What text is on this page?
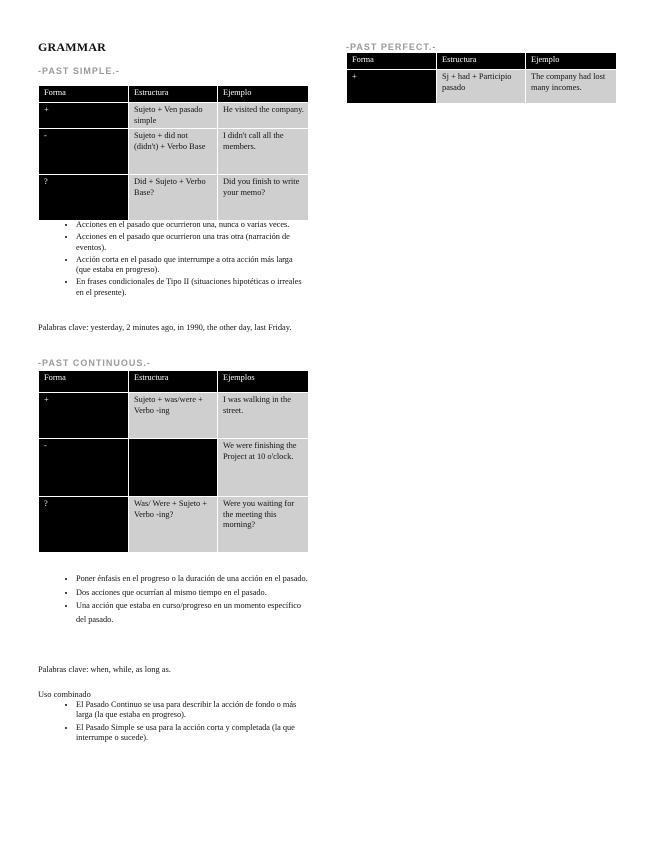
GRAMMAR
-PAST SIMPLE.-
Forma	Estructura	Ejemplo
+	Sujeto + Ven pasado simple	He visited the company.
-	Sujeto + did not (didn't) + Verbo Base	I didn't call all the members.
?	Did + Sujeto + Verbo Base?	Did you finish to write your memo?
• Acciones en el pasado que ocurrieron una, nunca o varias veces.
• Acciones en el pasado que ocurrieron una tras otra (narración de eventos).
• Acción corta en el pasado que interrumpe a otra acción más larga (que estaba en progreso).
• En frases condicionales de Tipo II (situaciones hipotéticas o irreales en el presente).
Palabras clave: yesterday, 2 minutes ago, in 1990, the other day, last Friday.
-PAST CONTINUOUS.-
Forma	Estructura	Ejemplos
+	Sujeto + was/were + Verbo -ing	I was walking in the street.
-		We were finishing the Project at 10 o'clock.
?	Was/ Were + Sujeto + Verbo -ing?	Were you waiting for the meeting this morning?
• Poner énfasis en el progreso o la duración de una acción en el pasado.
• Dos acciones que ocurrían al mismo tiempo en el pasado.
• Una acción que estaba en curso/progreso en un momento específico del pasado.
Palabras clave: when, while, as long as.
Uso combinado
• El Pasado Continuo se usa para describir la acción de fondo o más larga (la que estaba en progreso).
• El Pasado Simple se usa para la acción corta y completada (la que interrumpe o sucede).
-PAST PERFECT.-
Forma	Estructura	Ejemplo
+	Sj + had + Participio pasado	The company had lost many incomes.
